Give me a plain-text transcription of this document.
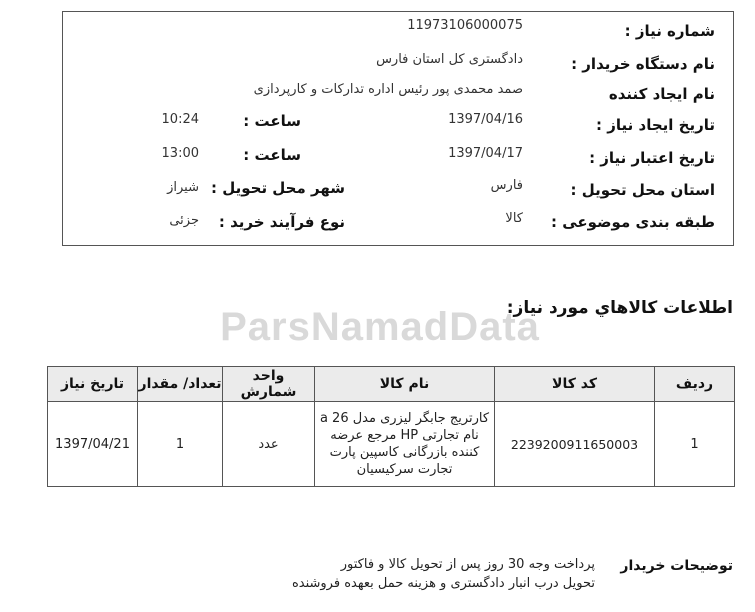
ParsNamadData
شماره نیاز :
11973106000075
نام دستگاه خریدار :
دادگستری کل استان فارس
نام ایجاد کننده
صمد محمدی پور رئیس اداره تدارکات و کارپردازی
تاریخ ایجاد نیاز :
1397/04/16
ساعت :
10:24
تاریخ اعتبار نیاز :
1397/04/17
ساعت :
13:00
استان محل تحویل :
فارس
شهر محل تحویل :
شیراز
طبقه بندی موضوعی :
کالا
نوع فرآیند خرید :
جزئی
اطلاعات کالاهاي مورد نياز:
ردیف	کد کالا	نام کالا	واحد شمارش	تعداد/ مقدار	تاریخ نیاز
1	2239200911650003	کارتریج جابگر لیزری مدل 26 a نام تجارتی HP مرجع عرضه کننده بازرگانی کاسپین پارت تجارت سرکیسیان	عدد	1	1397/04/21
توضیحات خریدار
پرداخت وجه 30 روز پس از تحویل کالا و فاکتور
تحویل درب انبار دادگستری و هزینه حمل بعهده فروشنده
